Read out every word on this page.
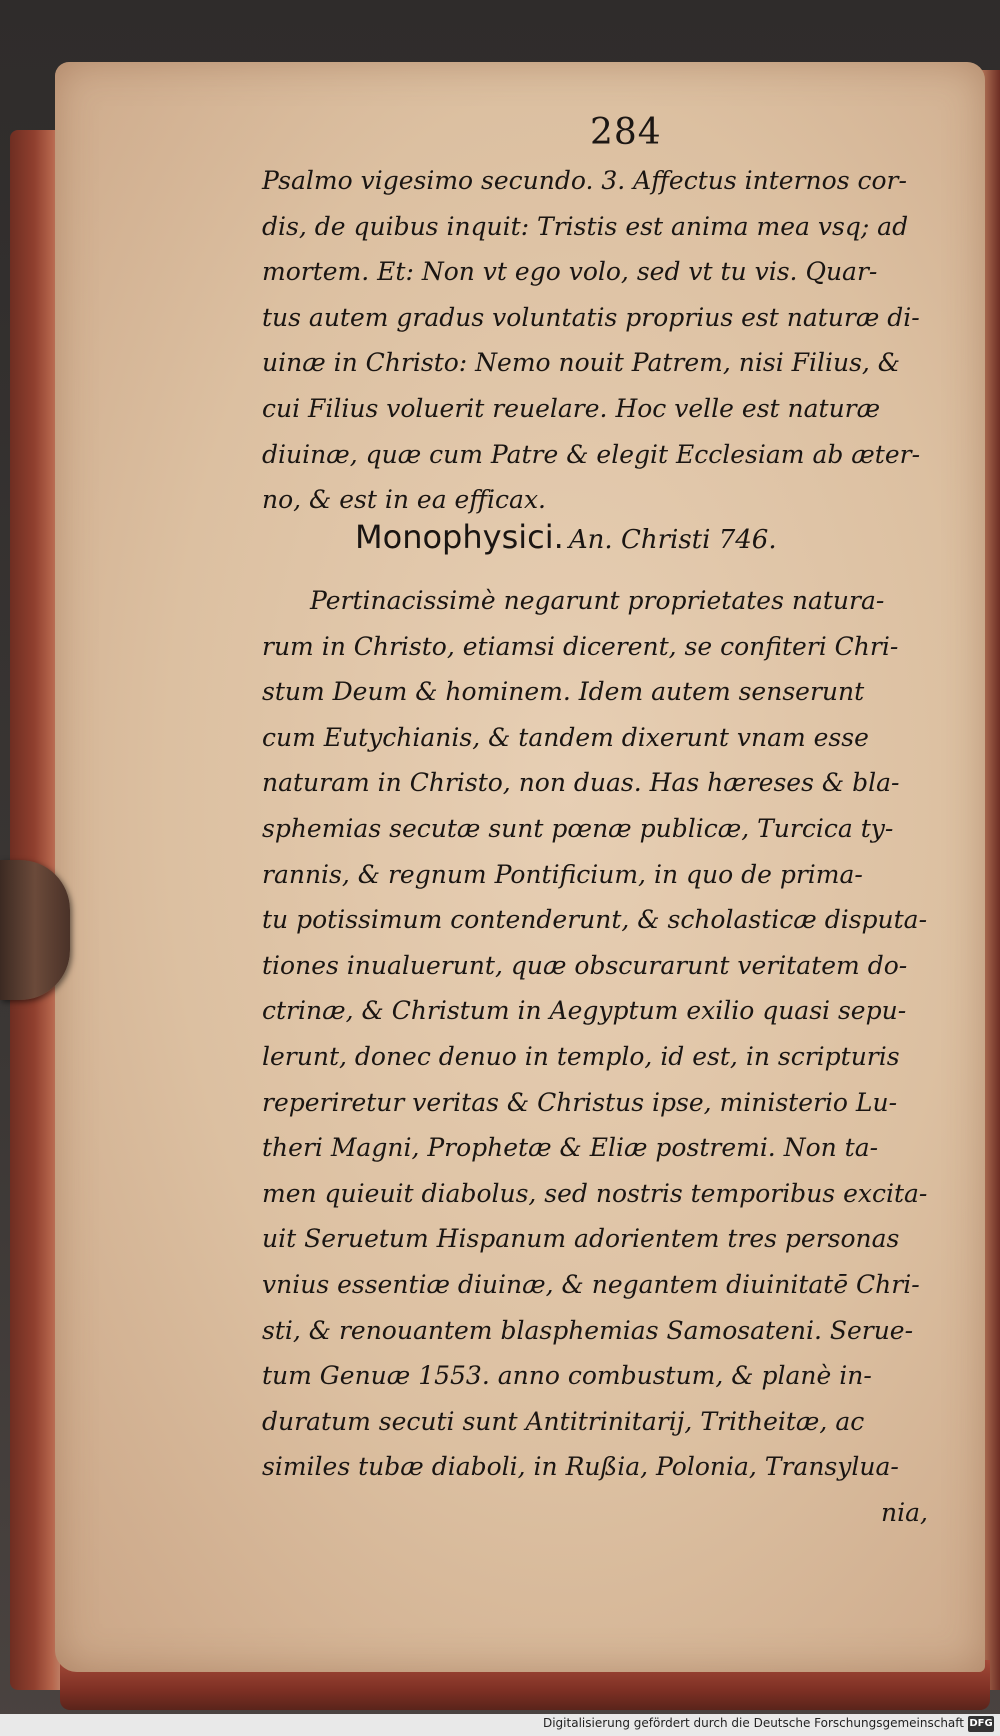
284
Psalmo vigesimo secundo. 3. Affectus internos cor-
dis, de quibus inquit: Tristis est anima mea vsq; ad
mortem. Et: Non vt ego volo, sed vt tu vis. Quar-
tus autem gradus voluntatis proprius est naturæ di-
uinæ in Christo: Nemo nouit Patrem, nisi Filius, &
cui Filius voluerit reuelare. Hoc velle est naturæ
diuinæ, quæ cum Patre & elegit Ecclesiam ab æter-
no, & est in ea efficax.
Monophysici. An. Christi 746.
Pertinacissimè negarunt proprietates natura-
rum in Christo, etiamsi dicerent, se confiteri Chri-
stum Deum & hominem. Idem autem senserunt
cum Eutychianis, & tandem dixerunt vnam esse
naturam in Christo, non duas. Has hæreses & bla-
sphemias secutæ sunt pœnæ publicæ, Turcica ty-
rannis, & regnum Pontificium, in quo de prima-
tu potissimum contenderunt, & scholasticæ disputa-
tiones inualuerunt, quæ obscurarunt veritatem do-
ctrinæ, & Christum in Aegyptum exilio quasi sepu-
lerunt, donec denuo in templo, id est, in scripturis
reperiretur veritas & Christus ipse, ministerio Lu-
theri Magni, Prophetæ & Eliæ postremi. Non ta-
men quieuit diabolus, sed nostris temporibus excita-
uit Seruetum Hispanum adorientem tres personas
vnius essentiæ diuinæ, & negantem diuinitatē Chri-
sti, & renouantem blasphemias Samosateni. Serue-
tum Genuæ 1553. anno combustum, & planè in-
duratum secuti sunt Antitrinitarij, Tritheitæ, ac
similes tubæ diaboli, in Rußia, Polonia, Transylua-
nia,
Digitalisierung gefördert durch die Deutsche Forschungsgemeinschaft DFG
